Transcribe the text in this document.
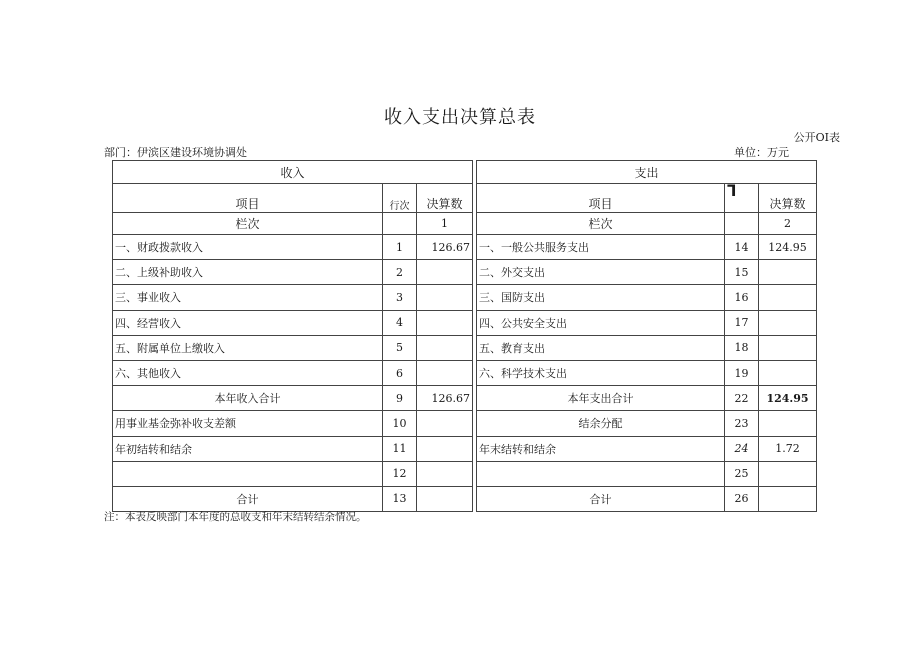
收入支出决算总表
公开OI表
部门：伊滨区建设环境协调处	单位：万元
收入				支出		
项目	行次	决算数		项目	ᒣ	决算数
栏次		1		栏次		2
一、财政拨款收入	1	126.67		一、一般公共服务支出	14	124.95
二、上级补助收入	2			二、外交支出	15	
三、事业收入	3			三、国防支出	16	
四、经营收入	4			四、公共安全支出	17	
五、附属单位上缴收入	5			五、教育支出	18	
六、其他收入	6			六、科学技术支出	19	
本年收入合计	9	126.67		本年支出合计	22	124.95
用事业基金弥补收支差额	10			结余分配	23	
年初结转和结余	11			年末结转和结余	24	1.72
	12				25	
合计	13			合计	26	
注：本表反映部门本年度的总收支和年末结转结余情况。
